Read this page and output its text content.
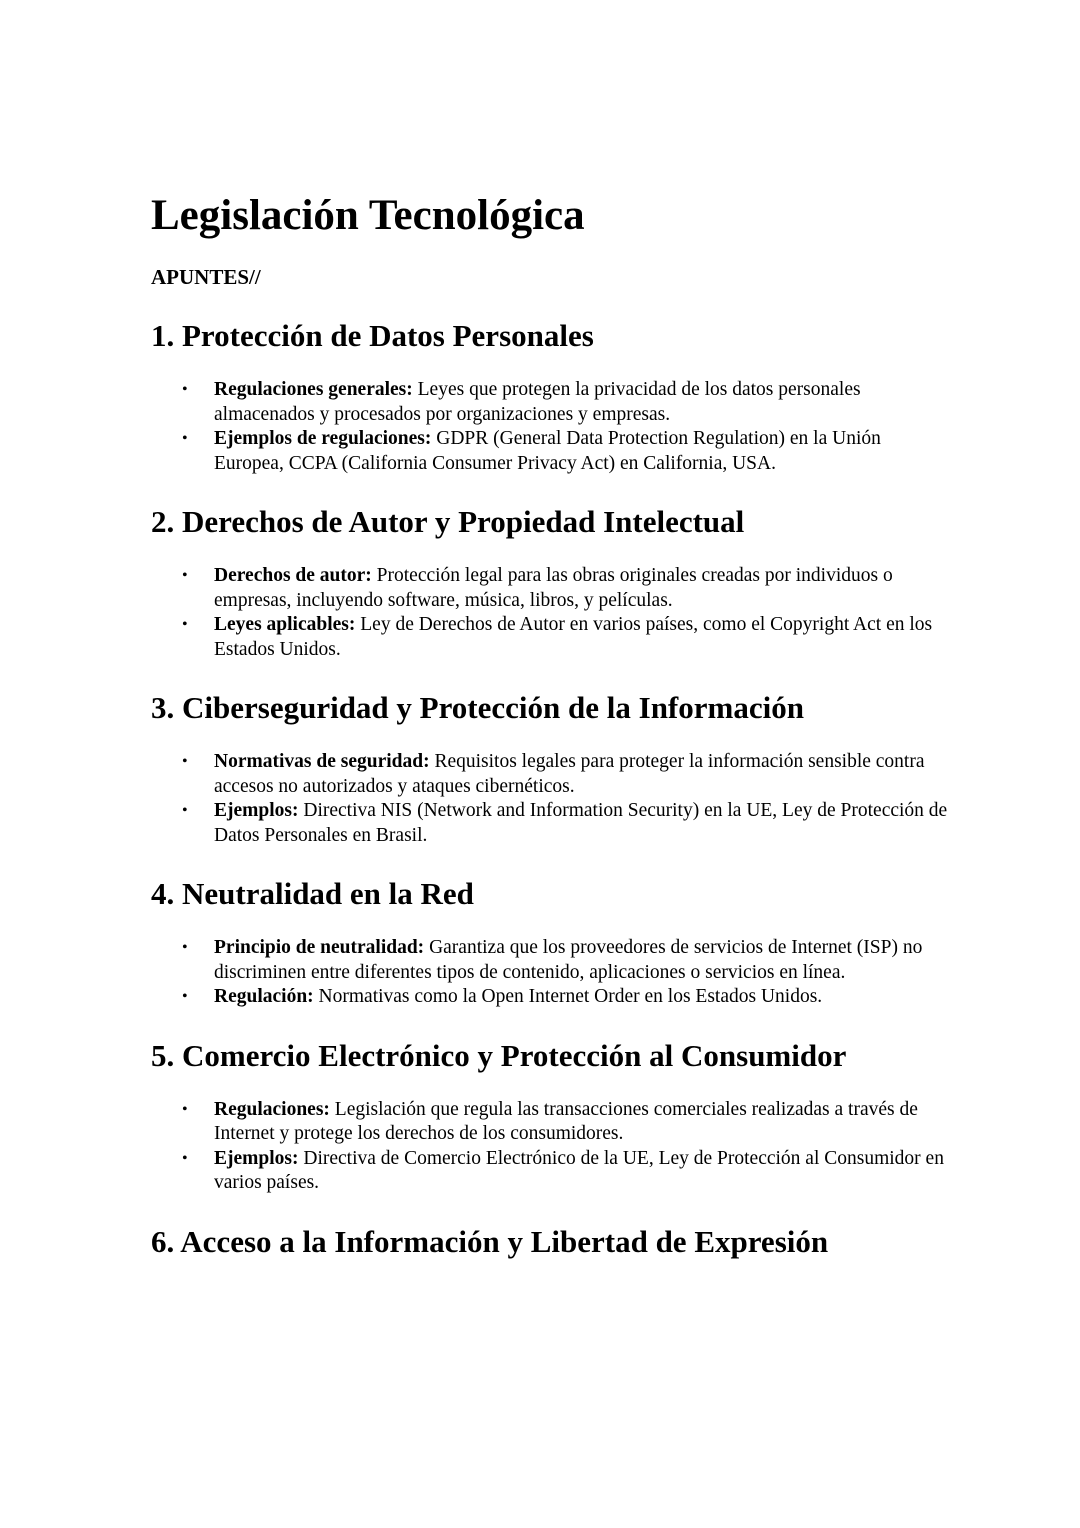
Legislación Tecnológica
APUNTES//
1. Protección de Datos Personales
• Regulaciones generales: Leyes que protegen la privacidad de los datos personales almacenados y procesados por organizaciones y empresas.
• Ejemplos de regulaciones: GDPR (General Data Protection Regulation) en la Unión Europea, CCPA (California Consumer Privacy Act) en California, USA.
2. Derechos de Autor y Propiedad Intelectual
• Derechos de autor: Protección legal para las obras originales creadas por individuos o empresas, incluyendo software, música, libros, y películas.
• Leyes aplicables: Ley de Derechos de Autor en varios países, como el Copyright Act en los Estados Unidos.
3. Ciberseguridad y Protección de la Información
• Normativas de seguridad: Requisitos legales para proteger la información sensible contra accesos no autorizados y ataques cibernéticos.
• Ejemplos: Directiva NIS (Network and Information Security) en la UE, Ley de Protección de Datos Personales en Brasil.
4. Neutralidad en la Red
• Principio de neutralidad: Garantiza que los proveedores de servicios de Internet (ISP) no discriminen entre diferentes tipos de contenido, aplicaciones o servicios en línea.
• Regulación: Normativas como la Open Internet Order en los Estados Unidos.
5. Comercio Electrónico y Protección al Consumidor
• Regulaciones: Legislación que regula las transacciones comerciales realizadas a través de Internet y protege los derechos de los consumidores.
• Ejemplos: Directiva de Comercio Electrónico de la UE, Ley de Protección al Consumidor en varios países.
6. Acceso a la Información y Libertad de Expresión
